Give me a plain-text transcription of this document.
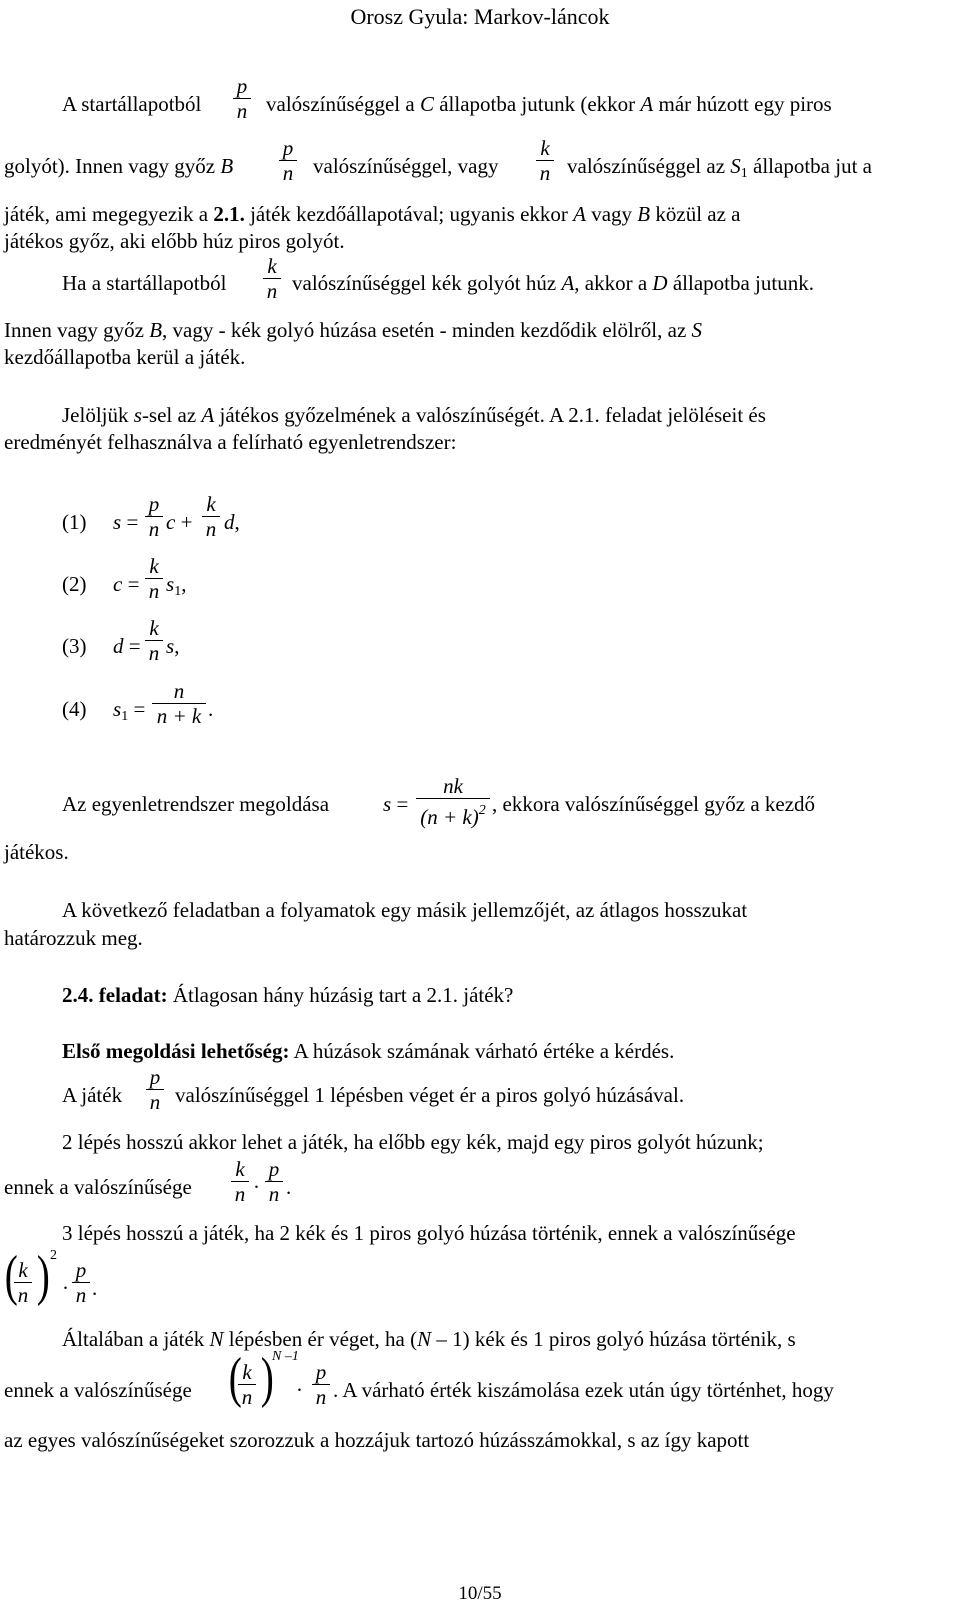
Orosz Gyula: Markov-láncok
A startállapotból
p
n valószínűséggel a C állapotba jutunk (ekkor A már húzott egy piros
golyót). Innen vagy győz B
p
n valószínűséggel, vagy
k
n valószínűséggel az $S_1$ állapotba jut a
játék, ami megegyezik a 2.1. játék kezdőállapotával; ugyanis ekkor A vagy B közül az a
játékos győz, aki előbb húz piros golyót.
Ha a startállapotból
k
n valószínűséggel kék golyót húz A, akkor a D állapotba jutunk.
Innen vagy győz B, vagy - kék golyó húzása esetén - minden kezdődik elölről, az S
kezdőállapotba kerül a játék.
Jelöljük s-sel az A játékos győzelmének a valószínűségét. A 2.1. feladat jelöléseit és
eredményét felhasználva a felírható egyenletrendszer:
(1) s =
p
n c +
k
n d,
(2) c =
k
n $s_1$,
(3) d =
k
n s,
(4) $s_1$ =
n
n + k .
Az egyenletrendszer megoldása	s =
nk
$(n + k)^2$ , ekkora valószínűséggel győz a kezdő
játékos.
A következő feladatban a folyamatok egy másik jellemzőjét, az átlagos hosszukat
határozzuk meg.
2.4. feladat: Átlagosan hány húzásig tart a 2.1. játék?
Első megoldási lehetőség: A húzások számának várható értéke a kérdés.
A játék
p
n valószínűséggel 1 lépésben véget ér a piros golyó húzásával.
2 lépés hosszú akkor lehet a játék, ha előbb egy kék, majd egy piros golyót húzunk;
ennek a valószínűsége
k
n ·
p
n .
3 lépés hosszú a játék, ha 2 kék és 1 piros golyó húzása történik, ennek a valószínűsége
( k
n ) 2
·
p
n .
Általában a játék N lépésben ér véget, ha (N – 1) kék és 1 piros golyó húzása történik, s
ennek a valószínűsége ( k
n )
N –1
·
p
n . A várható érték kiszámolása ezek után úgy történhet, hogy
az egyes valószínűségeket szorozzuk a hozzájuk tartozó húzásszámokkal, s az így kapott
10/55
